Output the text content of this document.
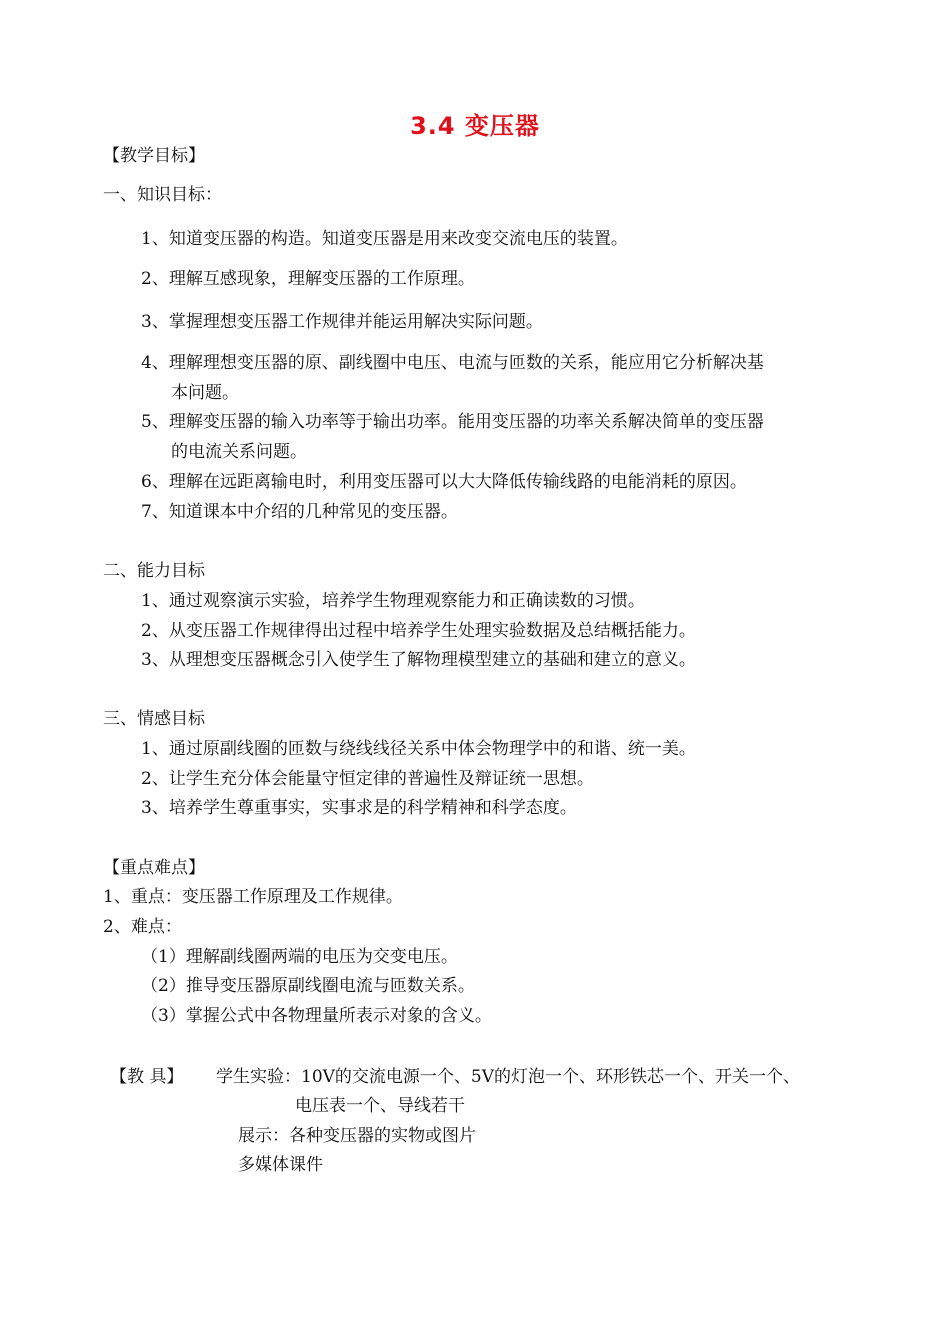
3.4 变压器
【教学目标】
一、知识目标：
1、知道变压器的构造。知道变压器是用来改变交流电压的装置。
2、理解互感现象，理解变压器的工作原理。
3、掌握理想变压器工作规律并能运用解决实际问题。
4、理解理想变压器的原、副线圈中电压、电流与匝数的关系，能应用它分析解决基
本问题。
5、理解变压器的输入功率等于输出功率。能用变压器的功率关系解决简单的变压器
的电流关系问题。
6、理解在远距离输电时，利用变压器可以大大降低传输线路的电能消耗的原因。
7、知道课本中介绍的几种常见的变压器。
二、能力目标
1、通过观察演示实验，培养学生物理观察能力和正确读数的习惯。
2、从变压器工作规律得出过程中培养学生处理实验数据及总结概括能力。
3、从理想变压器概念引入使学生了解物理模型建立的基础和建立的意义。
三、情感目标
1、通过原副线圈的匝数与绕线线径关系中体会物理学中的和谐、统一美。
2、让学生充分体会能量守恒定律的普遍性及辩证统一思想。
3、培养学生尊重事实，实事求是的科学精神和科学态度。
【重点难点】
1、重点：变压器工作原理及工作规律。
2、难点：
（1）理解副线圈两端的电压为交变电压。
（2）推导变压器原副线圈电流与匝数关系。
（3）掌握公式中各物理量所表示对象的含义。
【教 具】 学生实验：10V的交流电源一个、5V的灯泡一个、环形铁芯一个、开关一个、
电压表一个、导线若干
展示：各种变压器的实物或图片
多媒体课件
